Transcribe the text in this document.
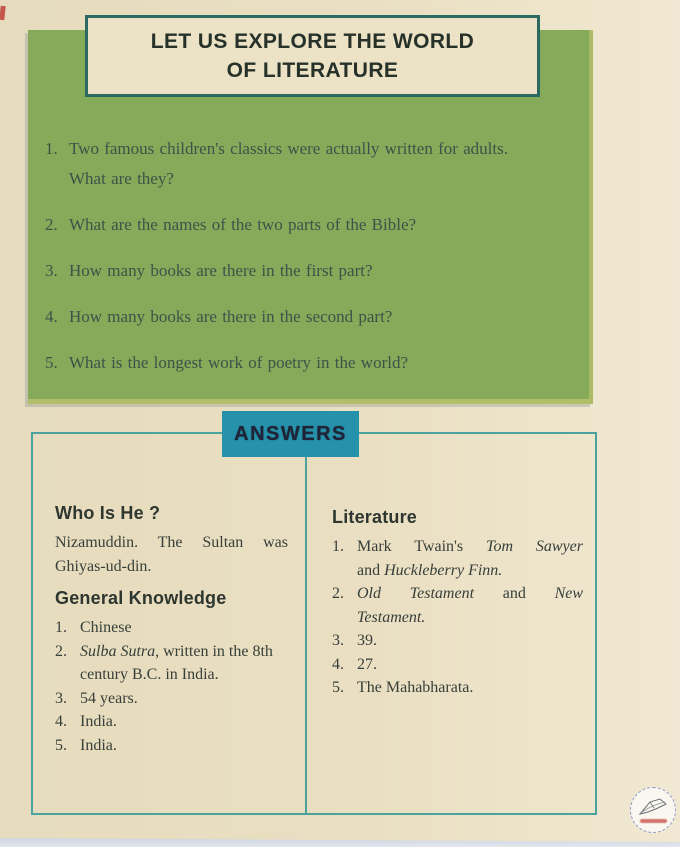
LET US EXPLORE THE WORLD
OF LITERATURE
1. Two famous children's classics were actually written for adults.
What are they?
2. What are the names of the two parts of the Bible?
3. How many books are there in the first part?
4. How many books are there in the second part?
5. What is the longest work of poetry in the world?
ANSWERS
Who Is He ?
Nizamuddin. The Sultan was
Ghiyas-ud-din.
General Knowledge
1. Chinese
2. Sulba Sutra, written in the 8th
century B.C. in India.
3. 54 years.
4. India.
5. India.
Literature
1. Mark Twain's Tom Sawyer
and Huckleberry Finn.
2. Old Testament and New
Testament.
3. 39.
4. 27.
5. The Mahabharata.
